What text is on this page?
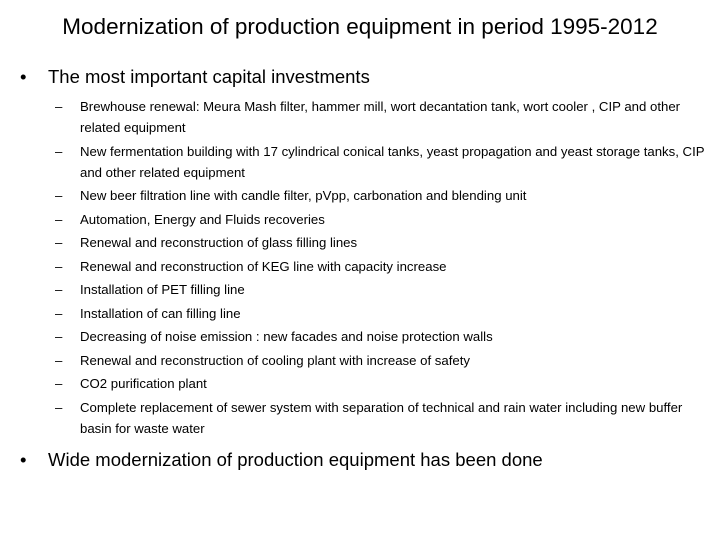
Modernization of production equipment in period 1995-2012
• The most important capital investments
–	Brewhouse renewal: Meura Mash filter, hammer mill, wort decantation tank, wort cooler , CIP and other related equipment
–	New fermentation building with 17 cylindrical conical tanks, yeast propagation and yeast storage tanks, CIP and other related equipment
–	New beer filtration line with candle filter, pVpp, carbonation and blending unit
–	Automation, Energy and Fluids recoveries
–	Renewal and reconstruction of glass filling lines
–	Renewal and reconstruction of KEG line with capacity increase
–	Installation of PET filling line
–	Installation of can filling line
–	Decreasing of noise emission : new facades and noise protection walls
–	Renewal and reconstruction of cooling plant with increase of safety
–	CO2 purification plant
–	Complete replacement of sewer system with separation of technical and rain water including new buffer basin for waste water
• Wide modernization of production equipment has been done
